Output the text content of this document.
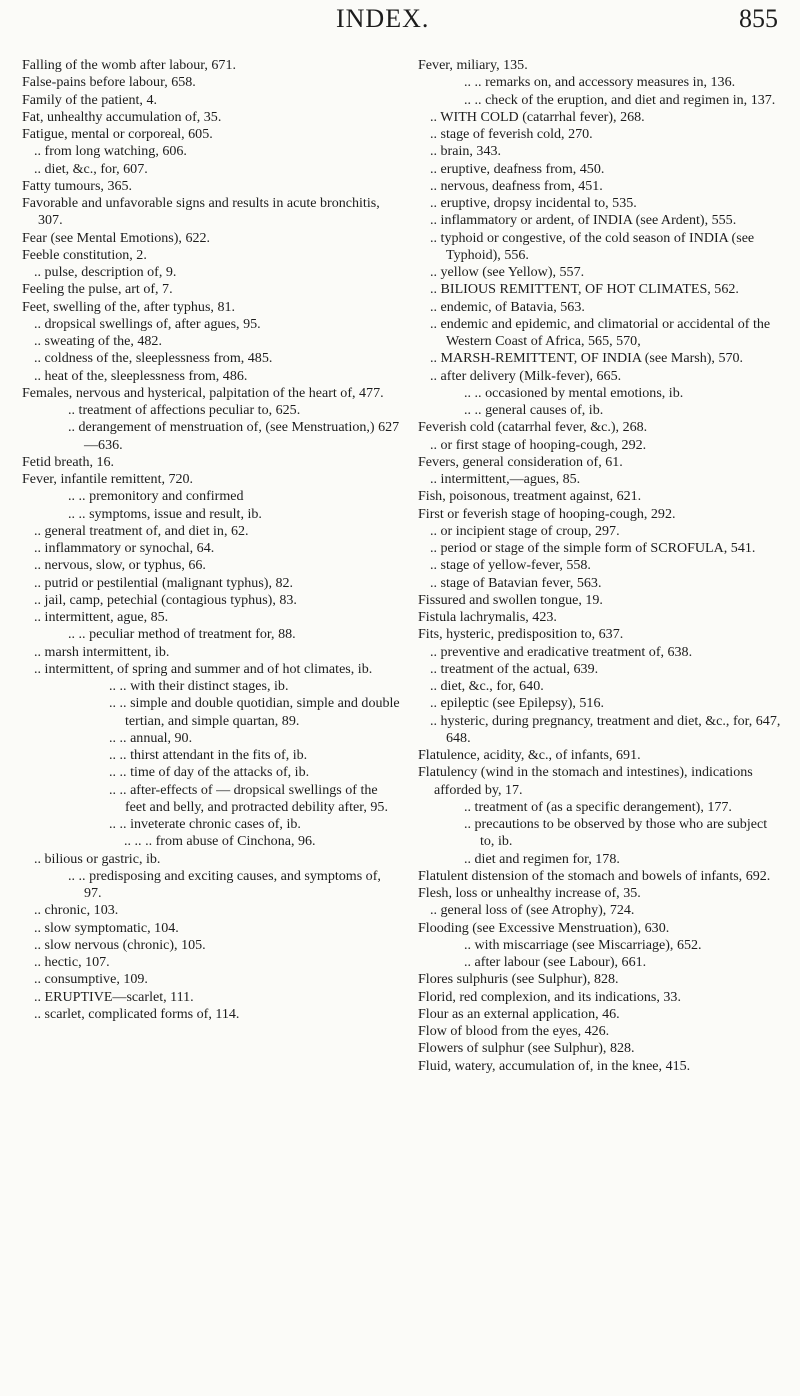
INDEX.	855
Falling of the womb after labour, 671.
False-pains before labour, 658.
Family of the patient, 4.
Fat, unhealthy accumulation of, 35.
Fatigue, mental or corporeal, 605.
.. from long watching, 606.
.. diet, &c., for, 607.
Fatty tumours, 365.
Favorable and unfavorable signs and results in acute bronchitis, 307.
Fear (see Mental Emotions), 622.
Feeble constitution, 2.
.. pulse, description of, 9.
Feeling the pulse, art of, 7.
Feet, swelling of the, after typhus, 81.
.. dropsical swellings of, after agues, 95.
.. sweating of the, 482.
.. coldness of the, sleeplessness from, 485.
.. heat of the, sleeplessness from, 486.
Females, nervous and hysterical, palpitation of the heart of, 477.
.. treatment of affections peculiar to, 625.
.. derangement of menstruation of, (see Menstruation,) 627—636.
Fetid breath, 16.
Fever, infantile remittent, 720.
.. .. premonitory and confirmed
.. .. symptoms, issue and result, ib.
.. general treatment of, and diet in, 62.
.. inflammatory or synochal, 64.
.. nervous, slow, or typhus, 66.
.. putrid or pestilential (malignant typhus), 82.
.. jail, camp, petechial (contagious typhus), 83.
.. intermittent, ague, 85.
.. .. peculiar method of treatment for, 88.
.. marsh intermittent, ib.
.. intermittent, of spring and summer and of hot climates, ib.
.. .. with their distinct stages, ib.
.. .. simple and double quotidian, simple and double tertian, and simple quartan, 89.
.. .. annual, 90.
.. .. thirst attendant in the fits of, ib.
.. .. time of day of the attacks of, ib.
.. .. after-effects of — dropsical swellings of the feet and belly, and protracted debility after, 95.
.. .. inveterate chronic cases of, ib.
.. .. .. from abuse of Cinchona, 96.
.. bilious or gastric, ib.
.. .. predisposing and exciting causes, and symptoms of, 97.
.. chronic, 103.
.. slow symptomatic, 104.
.. slow nervous (chronic), 105.
.. hectic, 107.
.. consumptive, 109.
.. ERUPTIVE—scarlet, 111.
.. scarlet, complicated forms of, 114.
Fever, miliary, 135.
.. .. remarks on, and accessory measures in, 136.
.. .. check of the eruption, and diet and regimen in, 137.
.. WITH COLD (catarrhal fever), 268.
.. stage of feverish cold, 270.
.. brain, 343.
.. eruptive, deafness from, 450.
.. nervous, deafness from, 451.
.. eruptive, dropsy incidental to, 535.
.. inflammatory or ardent, of INDIA (see Ardent), 555.
.. typhoid or congestive, of the cold season of INDIA (see Typhoid), 556.
.. yellow (see Yellow), 557.
.. BILIOUS REMITTENT, OF HOT CLIMATES, 562.
.. endemic, of Batavia, 563.
.. endemic and epidemic, and climatorial or accidental of the Western Coast of Africa, 565, 570,
.. MARSH-REMITTENT, OF INDIA (see Marsh), 570.
.. after delivery (Milk-fever), 665.
.. .. occasioned by mental emotions, ib.
.. .. general causes of, ib.
Feverish cold (catarrhal fever, &c.), 268.
.. or first stage of hooping-cough, 292.
Fevers, general consideration of, 61.
.. intermittent,—agues, 85.
Fish, poisonous, treatment against, 621.
First or feverish stage of hooping-cough, 292.
.. or incipient stage of croup, 297.
.. period or stage of the simple form of SCROFULA, 541.
.. stage of yellow-fever, 558.
.. stage of Batavian fever, 563.
Fissured and swollen tongue, 19.
Fistula lachrymalis, 423.
Fits, hysteric, predisposition to, 637.
.. preventive and eradicative treatment of, 638.
.. treatment of the actual, 639.
.. diet, &c., for, 640.
.. epileptic (see Epilepsy), 516.
.. hysteric, during pregnancy, treatment and diet, &c., for, 647, 648.
Flatulence, acidity, &c., of infants, 691.
Flatulency (wind in the stomach and intestines), indications afforded by, 17.
.. treatment of (as a specific derangement), 177.
.. precautions to be observed by those who are subject to, ib.
.. diet and regimen for, 178.
Flatulent distension of the stomach and bowels of infants, 692.
Flesh, loss or unhealthy increase of, 35.
.. general loss of (see Atrophy), 724.
Flooding (see Excessive Menstruation), 630.
.. with miscarriage (see Miscarriage), 652.
.. after labour (see Labour), 661.
Flores sulphuris (see Sulphur), 828.
Florid, red complexion, and its indications, 33.
Flour as an external application, 46.
Flow of blood from the eyes, 426.
Flowers of sulphur (see Sulphur), 828.
Fluid, watery, accumulation of, in the knee, 415.
